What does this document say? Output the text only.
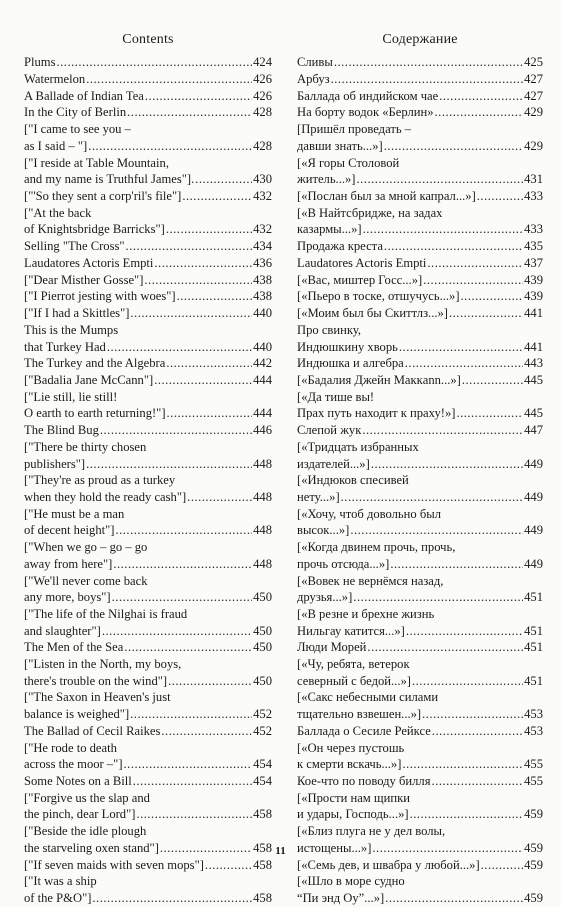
Contents
Plums .....	424
Watermelon .....	426
A Ballade of Indian Tea .....	426
In the City of Berlin .....	428
["I came to see you –
as I said – "] .....	428
["I reside at Table Mountain,
and my name is Truthful James"]. .....	430
["'So they sent a corp'ril's file"] .....	432
["At the back
of Knightsbridge Barricks"] .....	432
Selling "The Cross" .....	434
Laudatores Actoris Empti .....	436
["Dear Misther Gosse"] .....	438
["I Pierrot jesting with woes"] .....	438
["If I had a Skittles"] .....	440
This is the Mumps
that Turkey Had .....	440
The Turkey and the Algebra .....	442
["Badalia Jane McCann"] .....	444
["Lie still, lie still!
O earth to earth returning!"] .....	444
The Blind Bug .....	446
["There be thirty chosen
publishers"] .....	448
["They're as proud as a turkey
when they hold the ready cash"] .....	448
["He must be a man
of decent height"] .....	448
["When we go – go – go
away from here"] .....	448
["We'll never come back
any more, boys"] .....	450
["The life of the Nilghai is fraud
and slaughter"] .....	450
The Men of the Sea .....	450
["Listen in the North, my boys,
there's trouble on the wind"] .....	450
["The Saxon in Heaven's just
balance is weighed"] .....	452
The Ballad of Cecil Raikes .....	452
["He rode to death
across the moor –"] .....	454
Some Notes on a Bill .....	454
["Forgive us the slap and
the pinch, dear Lord"] .....	458
["Beside the idle plough
the starveling oxen stand"] .....	458
["If seven maids with seven mops"] .....	458
["It was a ship
of the P&O"] .....	458
Содержание
Сливы .....	425
Арбуз .....	427
Баллада об индийском чае .....	427
На борту водок «Берлин» .....	429
[Пришёл проведать –
давши знать...»] .....	429
[«Я горы Столовой
житель...»] .....	431
[«Послан был за мной капрал...»] .....	433
[«В Найтсбридже, на задах
казармы...»] .....	433
Продажа креста .....	435
Laudatores Actoris Empti .....	437
[«Вас, миштер Госс...»] .....	439
[«Пьеро в тоске, отшучусь...»] .....	439
[«Моим был бы Скиттлз...»] .....	441
Про свинку,
Индюшкину хворь .....	441
Индюшка и алгебра .....	443
[«Бадалия Джейн Маккann...»] .....	445
[«Да тише вы!
Прах путь находит к праху!»] .....	445
Слепой жук .....	447
[«Тридцать избранных
издателей...»] .....	449
[«Индюков спесивей
нету...»] .....	449
[«Хочу, чтоб довольно был
высок...»] .....	449
[«Когда двинем прочь, прочь,
прочь отсюда...»] .....	449
[«Вовек не вернёмся назад,
друзья...»] .....	451
[«В резне и брехне жизнь
Нильгау катится...»] .....	451
Люди Морей .....	451
[«Чу, ребята, ветерок
северный с бедой...»] .....	451
[«Сакс небесными силами
тщательно взвешен...»] .....	453
Баллада о Сесиле Рейксе .....	453
[«Он через пустошь
к смерти вскачь...»] .....	455
Кое-что по поводу билля .....	455
[«Прости нам щипки
и удары, Господь...»] .....	459
[«Близ плуга не у дел волы,
истощены...»] .....	459
[«Семь дев, и швабра у любой...»] .....	459
[«Шло в море судно
“Пи энд Оу”...»] .....	459
11
